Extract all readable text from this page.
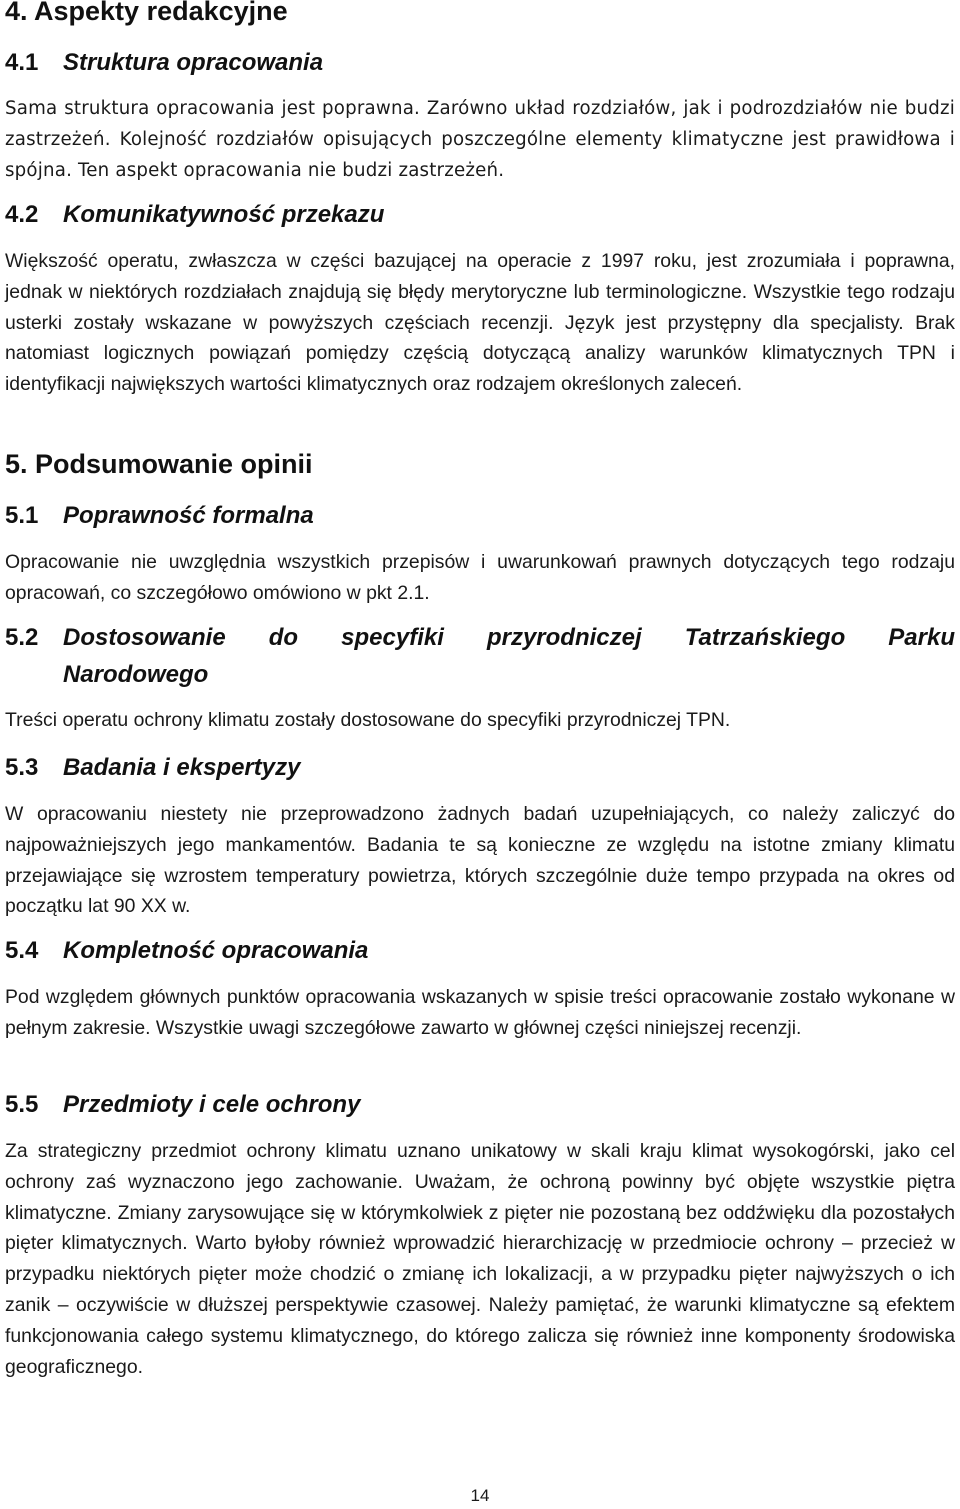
4. Aspekty redakcyjne
4.1 Struktura opracowania

Sama struktura opracowania jest poprawna. Zarówno układ rozdziałów, jak i podrozdziałów nie budzi zastrzeżeń. Kolejność rozdziałów opisujących poszczególne elementy klimatyczne jest prawidłowa i spójna. Ten aspekt opracowania nie budzi zastrzeżeń.

4.2 Komunikatywność przekazu

Większość operatu, zwłaszcza w części bazującej na operacie z 1997 roku, jest zrozumiała i poprawna, jednak w niektórych rozdziałach znajdują się błędy merytoryczne lub terminologiczne. Wszystkie tego rodzaju usterki zostały wskazane w powyższych częściach recenzji. Język jest przystępny dla specjalisty. Brak natomiast logicznych powiązań pomiędzy częścią dotyczącą analizy warunków klimatycznych TPN i identyfikacji największych wartości klimatycznych oraz rodzajem określonych zaleceń.

5. Podsumowanie opinii
5.1 Poprawność formalna

Opracowanie nie uwzględnia wszystkich przepisów i uwarunkowań prawnych dotyczących tego rodzaju opracowań, co szczegółowo omówiono w pkt 2.1.

5.2 Dostosowanie do specyfiki przyrodniczej Tatrzańskiego Parku
Narodowego

Treści operatu ochrony klimatu zostały dostosowane do specyfiki przyrodniczej TPN.

5.3 Badania i ekspertyzy

W opracowaniu niestety nie przeprowadzono żadnych badań uzupełniających, co należy zaliczyć do najpoważniejszych jego mankamentów. Badania te są konieczne ze względu na istotne zmiany klimatu przejawiające się wzrostem temperatury powietrza, których szczególnie duże tempo przypada na okres od początku lat 90 XX w.

5.4 Kompletność opracowania

Pod względem głównych punktów opracowania wskazanych w spisie treści opracowanie zostało wykonane w pełnym zakresie. Wszystkie uwagi szczegółowe zawarto w głównej części niniejszej recenzji.

5.5 Przedmioty i cele ochrony

Za strategiczny przedmiot ochrony klimatu uznano unikatowy w skali kraju klimat wysokogórski, jako cel ochrony zaś wyznaczono jego zachowanie. Uważam, że ochroną powinny być objęte wszystkie piętra klimatyczne. Zmiany zarysowujące się w którymkolwiek z pięter nie pozostaną bez oddźwięku dla pozostałych pięter klimatycznych. Warto byłoby również wprowadzić hierarchizację w przedmiocie ochrony – przecież w przypadku niektórych pięter może chodzić o zmianę ich lokalizacji, a w przypadku pięter najwyższych o ich zanik – oczywiście w dłuższej perspektywie czasowej. Należy pamiętać, że warunki klimatyczne są efektem funkcjonowania całego systemu klimatycznego, do którego zalicza się również inne komponenty środowiska geograficznego.

14
